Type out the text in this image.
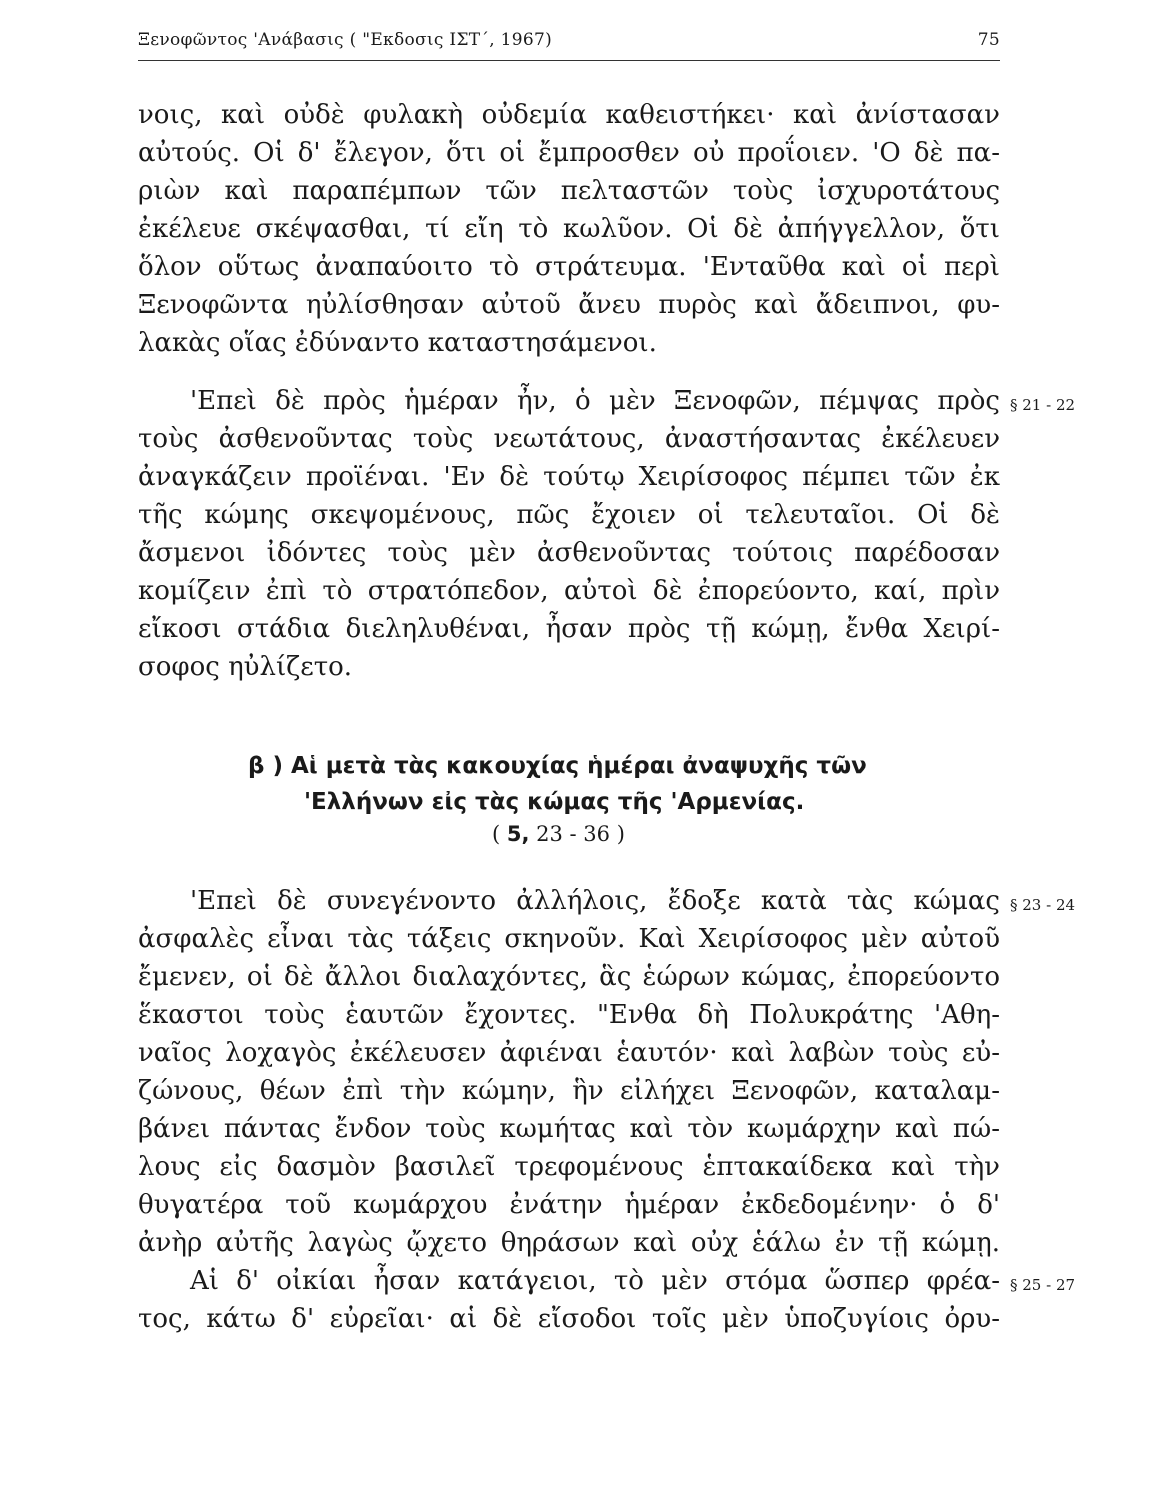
Ξενοφῶντος 'Ανάβασις ( "Εκδοσις ΙΣΤ΄, 1967)	75
νοις, καὶ οὐδὲ φυλακὴ οὐδεμία καθειστήκει· καὶ ἀνίστασαν
αὐτούς. Οἱ δ' ἔλεγον, ὅτι οἱ ἔμπροσθεν οὐ προΐοιεν. 'Ο δὲ πα-
ριὼν καὶ παραπέμπων τῶν πελταστῶν τοὺς ἰσχυροτάτους
ἐκέλευε σκέψασθαι, τί εἴη τὸ κωλῦον. Οἱ δὲ ἀπήγγελλον, ὅτι
ὅλον οὕτως ἀναπαύοιτο τὸ στράτευμα. 'Ενταῦθα καὶ οἱ περὶ
Ξενοφῶντα ηὐλίσθησαν αὐτοῦ ἄνευ πυρὸς καὶ ἄδειπνοι, φυ-
λακὰς οἵας ἐδύναντο καταστησάμενοι.
§ 21 - 22
'Επεὶ δὲ πρὸς ἡμέραν ἦν, ὁ μὲν Ξενοφῶν, πέμψας πρὸς
τοὺς ἀσθενοῦντας τοὺς νεωτάτους, ἀναστήσαντας ἐκέλευεν
ἀναγκάζειν προϊέναι. 'Εν δὲ τούτῳ Χειρίσοφος πέμπει τῶν ἐκ
τῆς κώμης σκεψομένους, πῶς ἔχοιεν οἱ τελευταῖοι. Οἱ δὲ
ἄσμενοι ἰδόντες τοὺς μὲν ἀσθενοῦντας τούτοις παρέδοσαν
κομίζειν ἐπὶ τὸ στρατόπεδον, αὐτοὶ δὲ ἐπορεύοντο, καί, πρὶν
εἴκοσι στάδια διεληλυθέναι, ἦσαν πρὸς τῇ κώμῃ, ἔνθα Χειρί-
σοφος ηὐλίζετο.
β ) Αἱ μετὰ τὰς κακουχίας ἡμέραι ἀναψυχῆς τῶν
'Ελλήνων εἰς τὰς κώμας τῆς 'Αρμενίας.
( 5, 23 - 36 )
§ 23 - 24
'Επεὶ δὲ συνεγένοντο ἀλλήλοις, ἔδοξε κατὰ τὰς κώμας
ἀσφαλὲς εἶναι τὰς τάξεις σκηνοῦν. Καὶ Χειρίσοφος μὲν αὐτοῦ
ἔμενεν, οἱ δὲ ἄλλοι διαλαχόντες, ἃς ἑώρων κώμας, ἐπορεύοντο
ἕκαστοι τοὺς ἑαυτῶν ἔχοντες. "Ενθα δὴ Πολυκράτης 'Αθη-
ναῖος λοχαγὸς ἐκέλευσεν ἀφιέναι ἑαυτόν· καὶ λαβὼν τοὺς εὐ-
ζώνους, θέων ἐπὶ τὴν κώμην, ἣν εἰλήχει Ξενοφῶν, καταλαμ-
βάνει πάντας ἔνδον τοὺς κωμήτας καὶ τὸν κωμάρχην καὶ πώ-
λους εἰς δασμὸν βασιλεῖ τρεφομένους ἑπτακαίδεκα καὶ τὴν
θυγατέρα τοῦ κωμάρχου ἐνάτην ἡμέραν ἐκδεδομένην· ὁ δ'
ἀνὴρ αὐτῆς λαγὼς ᾤχετο θηράσων καὶ οὐχ ἑάλω ἐν τῇ κώμῃ.
§ 25 - 27
Αἱ δ' οἰκίαι ἦσαν κατάγειοι, τὸ μὲν στόμα ὥσπερ φρέα-
τος, κάτω δ' εὐρεῖαι· αἱ δὲ εἴσοδοι τοῖς μὲν ὑποζυγίοις ὀρυ-
